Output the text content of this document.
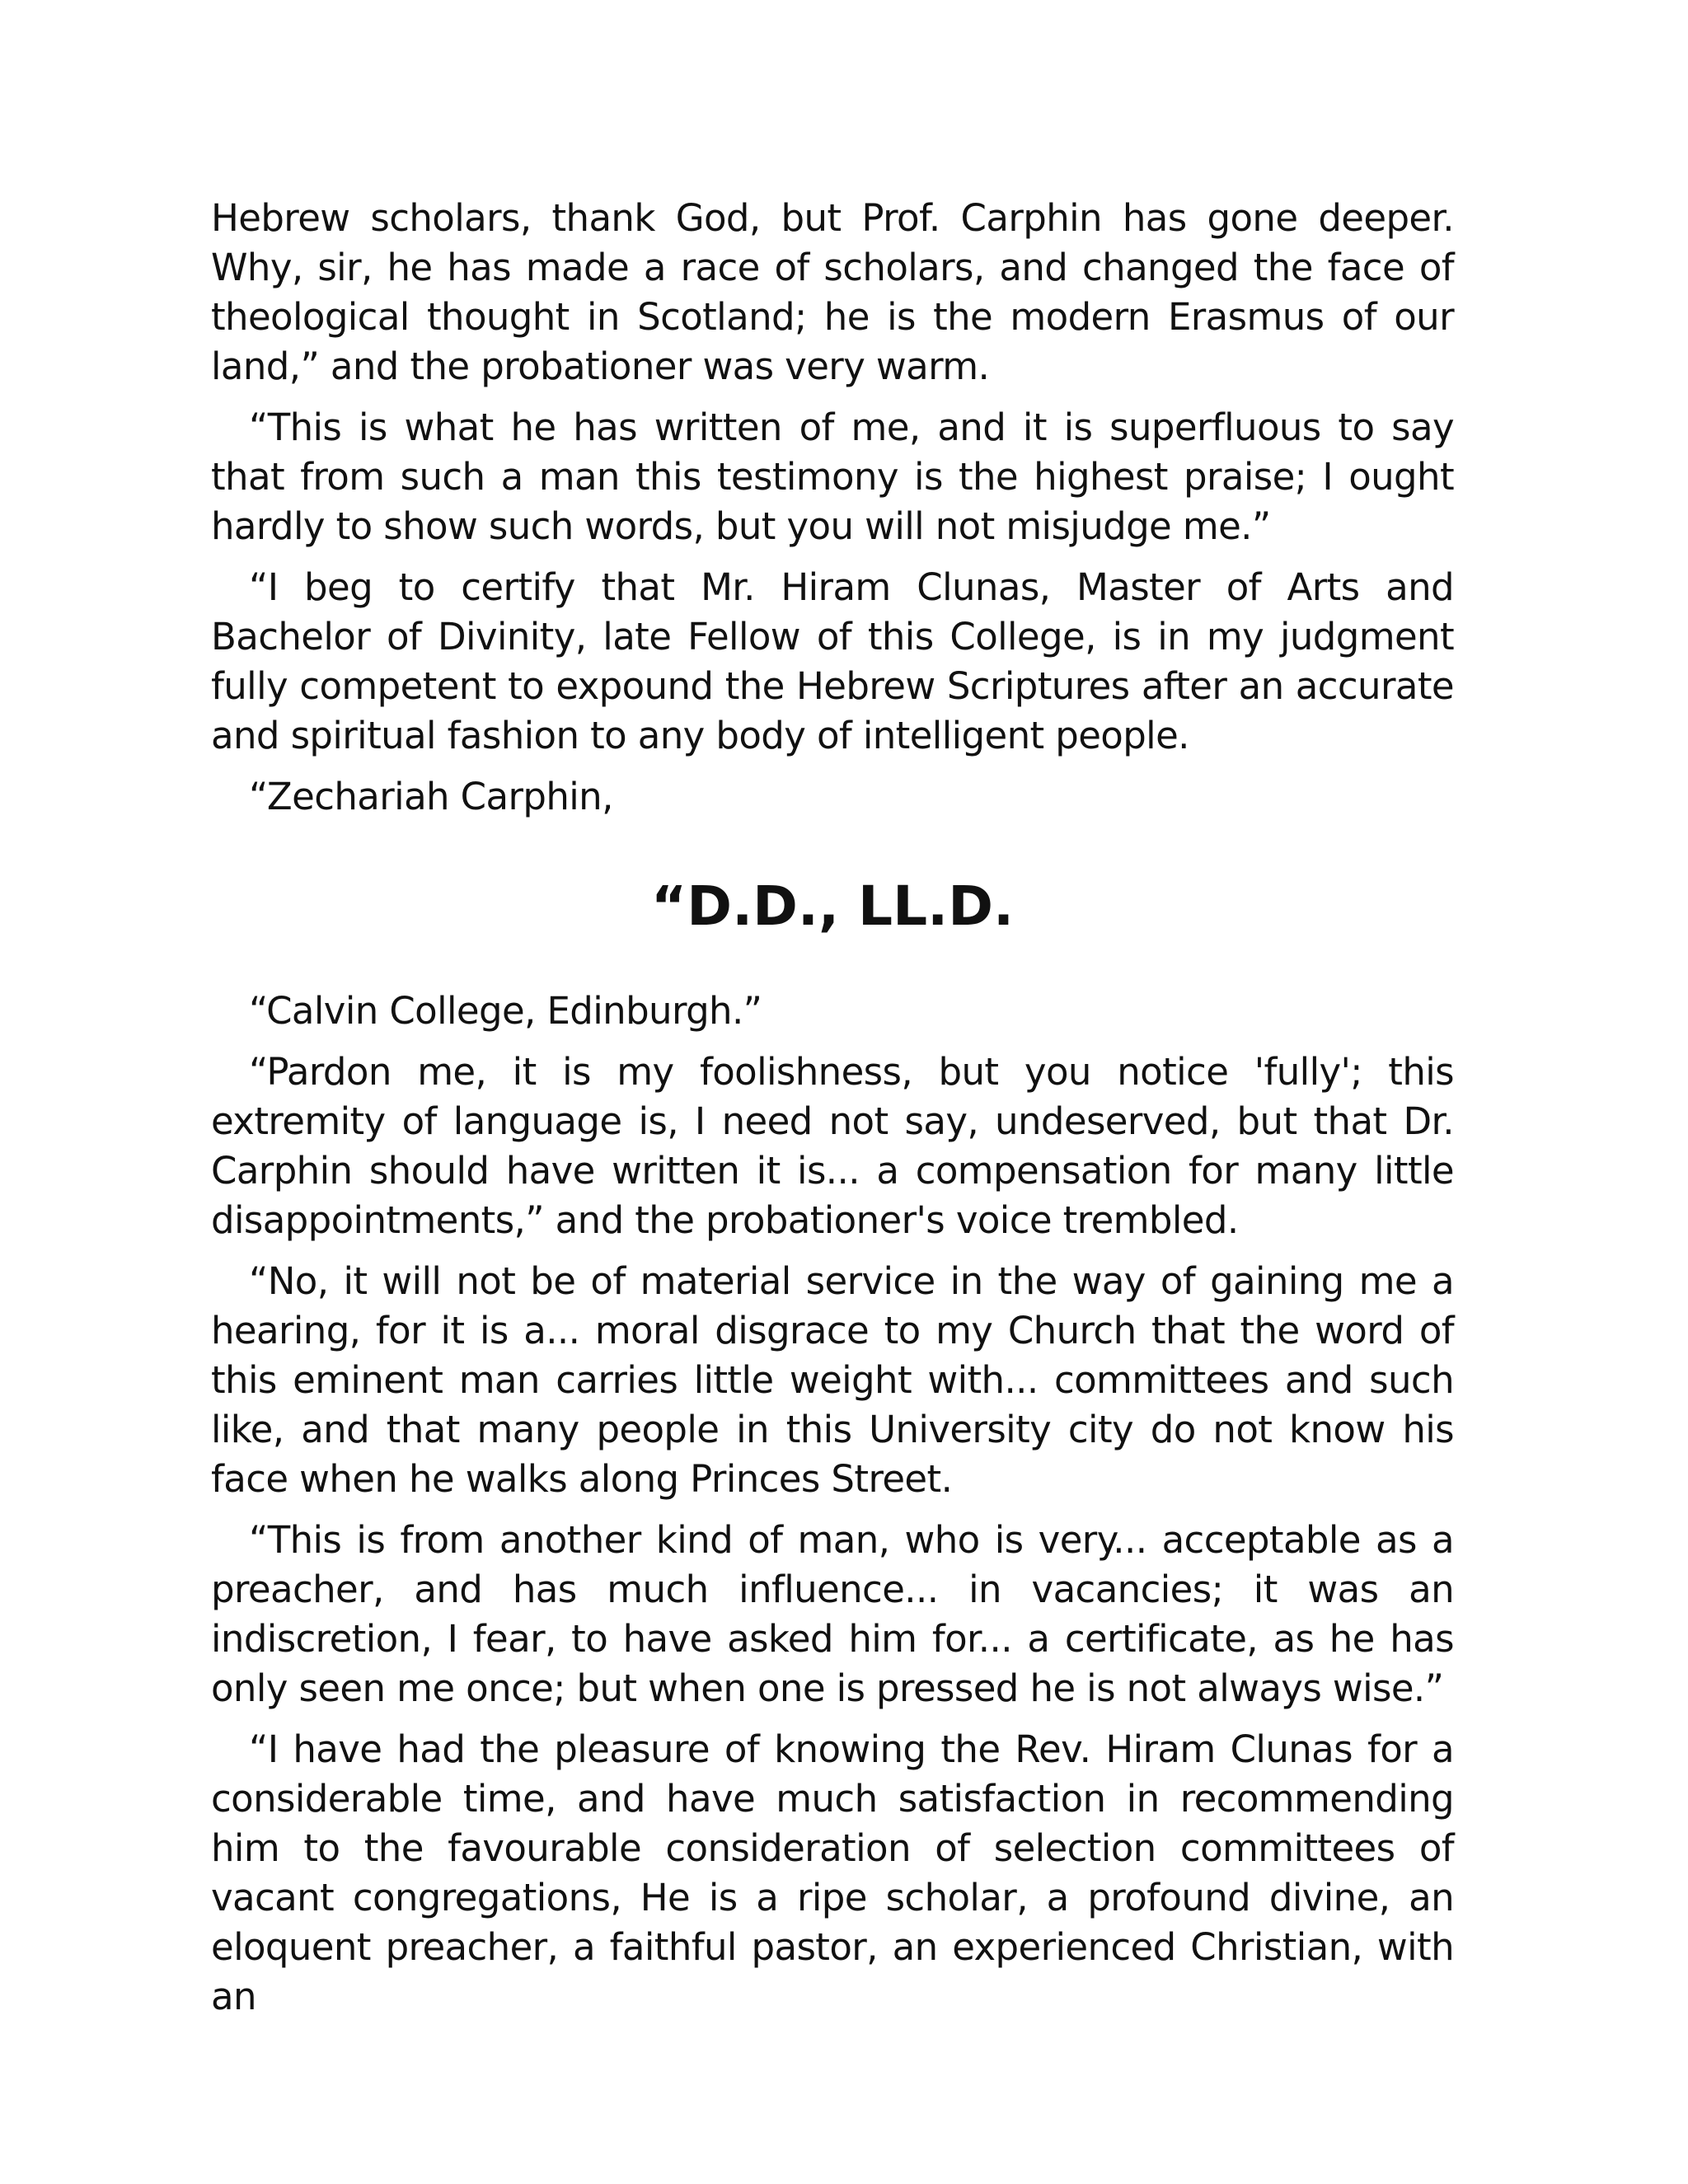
Hebrew scholars, thank God, but Prof. Carphin has gone deeper. Why, sir, he has made a race of scholars, and changed the face of theological thought in Scotland; he is the modern Erasmus of our land,” and the probationer was very warm.

“This is what he has written of me, and it is superfluous to say that from such a man this testimony is the highest praise; I ought hardly to show such words, but you will not misjudge me.”

“I beg to certify that Mr. Hiram Clunas, Master of Arts and Bachelor of Divinity, late Fellow of this College, is in my judgment fully competent to expound the Hebrew Scriptures after an accurate and spiritual fashion to any body of intelligent people.

“Zechariah Carphin,

“D.D., LL.D.

“Calvin College, Edinburgh.”

“Pardon me, it is my foolishness, but you notice 'fully'; this extremity of language is, I need not say, undeserved, but that Dr. Carphin should have written it is... a compensation for many little disappointments,” and the probationer's voice trembled.

“No, it will not be of material service in the way of gaining me a hearing, for it is a... moral disgrace to my Church that the word of this eminent man carries little weight with... committees and such like, and that many people in this University city do not know his face when he walks along Princes Street.

“This is from another kind of man, who is very... acceptable as a preacher, and has much influence... in vacancies; it was an indiscretion, I fear, to have asked him for... a certificate, as he has only seen me once; but when one is pressed he is not always wise.”

“I have had the pleasure of knowing the Rev. Hiram Clunas for a considerable time, and have much satisfaction in recommending him to the favourable consideration of selection committees of vacant congregations, He is a ripe scholar, a profound divine, an eloquent preacher, a faithful pastor, an experienced Christian, with an
